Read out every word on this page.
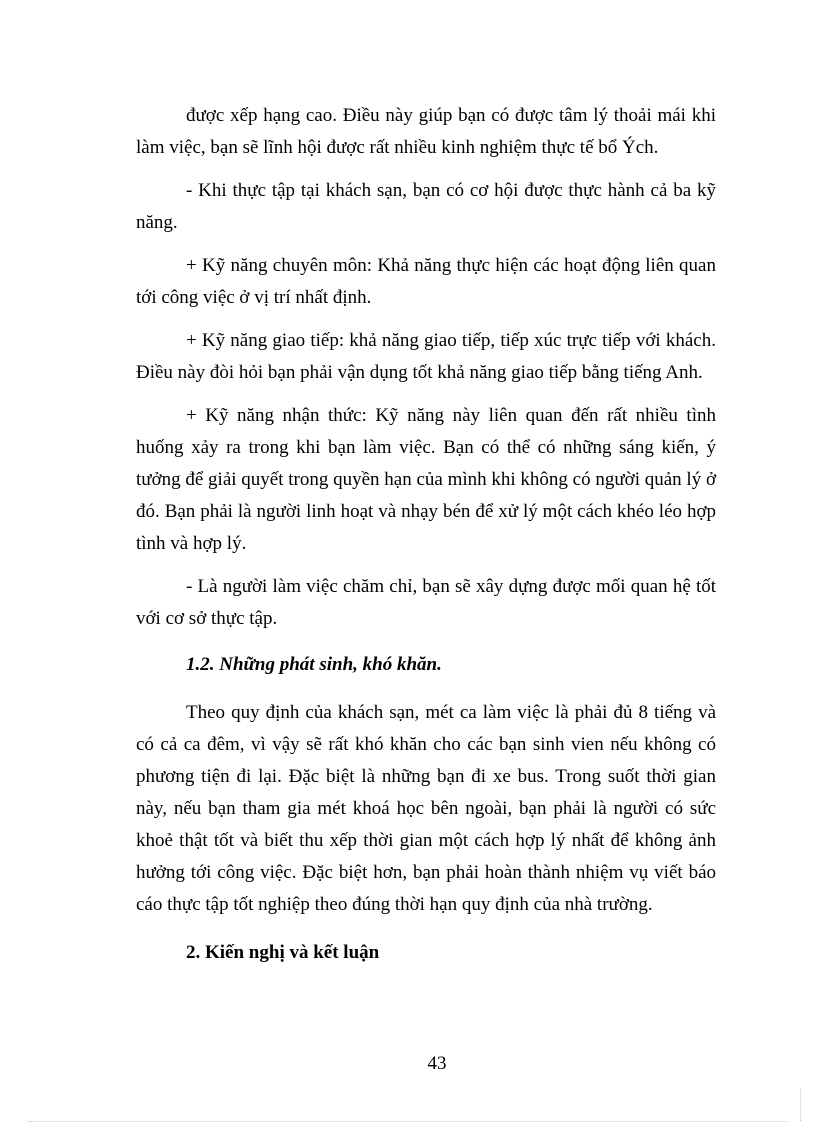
được xếp hạng cao. Điều này giúp bạn có được tâm lý thoải mái khi làm việc, bạn sẽ lĩnh hội được rất nhiều kinh nghiệm thực tế bổ Ých.

- Khi thực tập tại khách sạn, bạn có cơ hội được thực hành cả ba kỹ năng.

+ Kỹ năng chuyên môn: Khả năng thực hiện các hoạt động liên quan tới công việc ở vị trí nhất định.

+ Kỹ năng giao tiếp: khả năng giao tiếp, tiếp xúc trực tiếp với khách. Điều này đòi hỏi bạn phải vận dụng tốt khả năng giao tiếp bằng tiếng Anh.

+ Kỹ năng nhận thức: Kỹ năng này liên quan đến rất nhiều tình huống xảy ra trong khi bạn làm việc. Bạn có thể có những sáng kiến, ý tưởng để giải quyết trong quyền hạn của mình khi không có người quản lý ở đó. Bạn phải là người linh hoạt và nhạy bén để xử lý một cách khéo léo hợp tình và hợp lý.

- Là người làm việc chăm chỉ, bạn sẽ xây dựng được mối quan hệ tốt với cơ sở thực tập.

1.2. Những phát sinh, khó khăn.

Theo quy định của khách sạn, mét ca làm việc là phải đủ 8 tiếng và có cả ca đêm, vì vậy sẽ rất khó khăn cho các bạn sinh vien nếu không có phương tiện đi lại. Đặc biệt là những bạn đi xe bus. Trong suốt thời gian này, nếu bạn tham gia mét khoá học bên ngoài, bạn phải là người có sức khoẻ thật tốt và biết thu xếp thời gian một cách hợp lý nhất để không ảnh hưởng tới công việc. Đặc biệt hơn, bạn phải hoàn thành nhiệm vụ viết báo cáo thực tập tốt nghiệp theo đúng thời hạn quy định của nhà trường.

2. Kiến nghị và kết luận
43
